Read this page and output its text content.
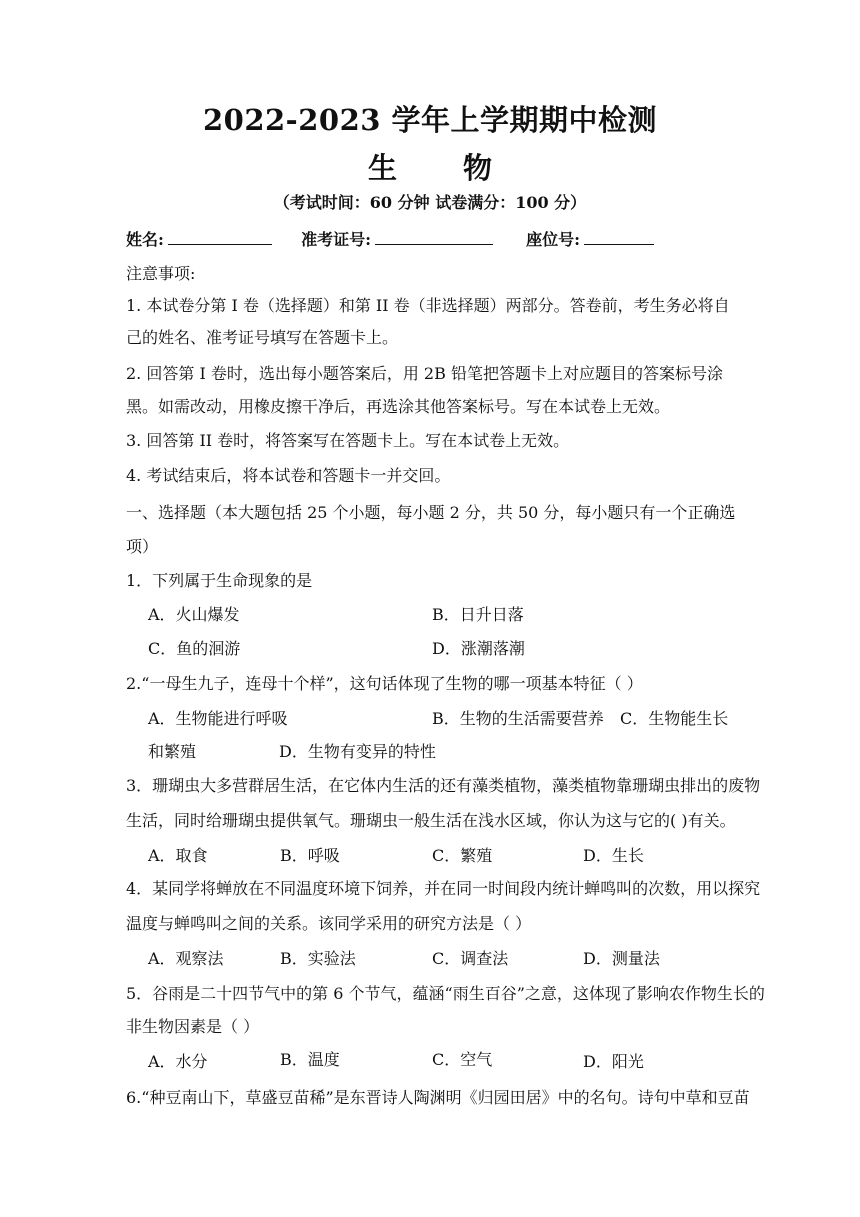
2022-2023 学年上学期期中检测
生 物
（考试时间：60 分钟 试卷满分：100 分）
姓名:	准考证号:	座位号:
注意事项:
1. 本试卷分第 I 卷（选择题）和第 II 卷（非选择题）两部分。答卷前，考生务必将自
己的姓名、准考证号填写在答题卡上。
2. 回答第 I 卷时，选出每小题答案后，用 2B 铅笔把答题卡上对应题目的答案标号涂
黑。如需改动，用橡皮擦干净后，再选涂其他答案标号。写在本试卷上无效。
3. 回答第 II 卷时，将答案写在答题卡上。写在本试卷上无效。
4. 考试结束后，将本试卷和答题卡一并交回。
一、选择题（本大题包括 25 个小题，每小题 2 分，共 50 分，每小题只有一个正确选
项）
1．下列属于生命现象的是
A．火山爆发	B．日升日落
C．鱼的洄游	D．涨潮落潮
2.“一母生九子，连母十个样”，这句话体现了生物的哪一项基本特征（ ）
A．生物能进行呼吸	B．生物的生活需要营养 C．生物能生长
和繁殖	D．生物有变异的特性
3．珊瑚虫大多营群居生活，在它体内生活的还有藻类植物，藻类植物靠珊瑚虫排出的废物
生活，同时给珊瑚虫提供氧气。珊瑚虫一般生活在浅水区域，你认为这与它的( )有关。
A．取食	B．呼吸	C．繁殖	D．生长
4．某同学将蝉放在不同温度环境下饲养，并在同一时间段内统计蝉鸣叫的次数，用以探究
温度与蝉鸣叫之间的关系。该同学采用的研究方法是（ ）
A．观察法	B．实验法	C．调查法	D．测量法
5．谷雨是二十四节气中的第 6 个节气，蕴涵“雨生百谷”之意，这体现了影响农作物生长的
非生物因素是（ ）
A．水分	B．温度	C．空气	D．阳光
6.“种豆南山下，草盛豆苗稀”是东晋诗人陶渊明《归园田居》中的名句。诗句中草和豆苗
